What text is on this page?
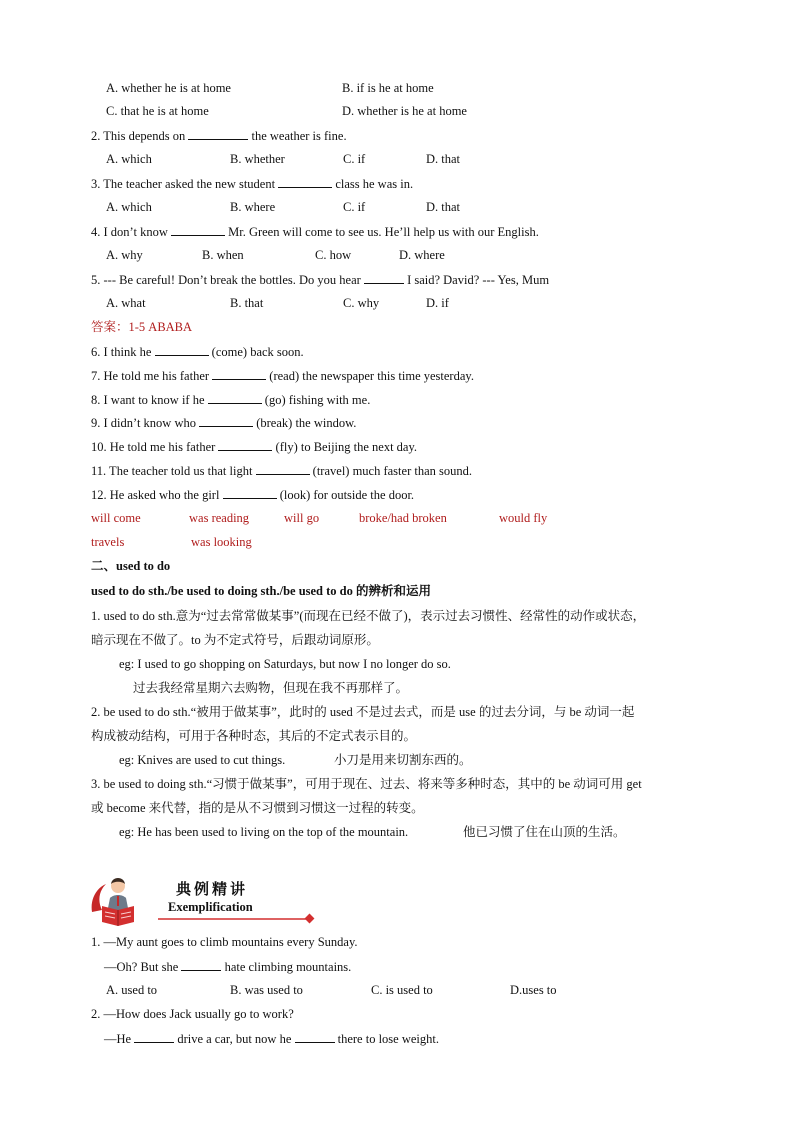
A. whether he is at home	B. if is he at home
C. that he is at home	D. whether is he at home
2. This depends on	the weather is fine.
A. which	B. whether	C. if	D. that
3. The teacher asked the new student	class he was in.
A. which	B. where	C. if	D. that
4. I don’t know	Mr. Green will come to see us. He’ll help us with our English.
A. why	B. when	C. how	D. where
5. --- Be careful! Don’t break the bottles. Do you hear	I said? David? --- Yes, Mum
A. what	B. that	C. why	D. if
答案：1-5 ABABA
6. I think he	(come) back soon.
7. He told me his father	(read) the newspaper this time yesterday.
8. I want to know if he	(go) fishing with me.
9. I didn’t know who	(break) the window.
10. He told me his father	(fly) to Beijing the next day.
11. The teacher told us that light	(travel) much faster than sound.
12. He asked who the girl	(look) for outside the door.
will come	was reading	will go	broke/had broken	would fly
travels	was looking
二、used to do
used to do sth./be used to doing sth./be used to do 的辨析和运用
1. used to do sth.意为“过去常常做某事”(而现在已经不做了)，表示过去习惯性、经常性的动作或状态，
暗示现在不做了。to 为不定式符号，后跟动词原形。
eg: I used to go shopping on Saturdays, but now I no longer do so.
过去我经常星期六去购物，但现在我不再那样了。
2. be used to do sth.“被用于做某事”，此时的 used 不是过去式，而是 use 的过去分词，与 be 动词一起
构成被动结构，可用于各种时态，其后的不定式表示目的。
eg: Knives are used to cut things.	小刀是用来切割东西的。
3. be used to doing sth.“习惯于做某事”，可用于现在、过去、将来等多种时态，其中的 be 动词可用 get
或 become 来代替，指的是从不习惯到习惯这一过程的转变。
eg: He has been used to living on the top of the mountain.	他已习惯了住在山顶的生活。
典例精讲
Exemplification
1. —My aunt goes to climb mountains every Sunday.
—Oh? But she	hate climbing mountains.
A. used to	B. was used to	C. is used to	D.uses to
2. —How does Jack usually go to work?
—He	drive a car, but now he	there to lose weight.
